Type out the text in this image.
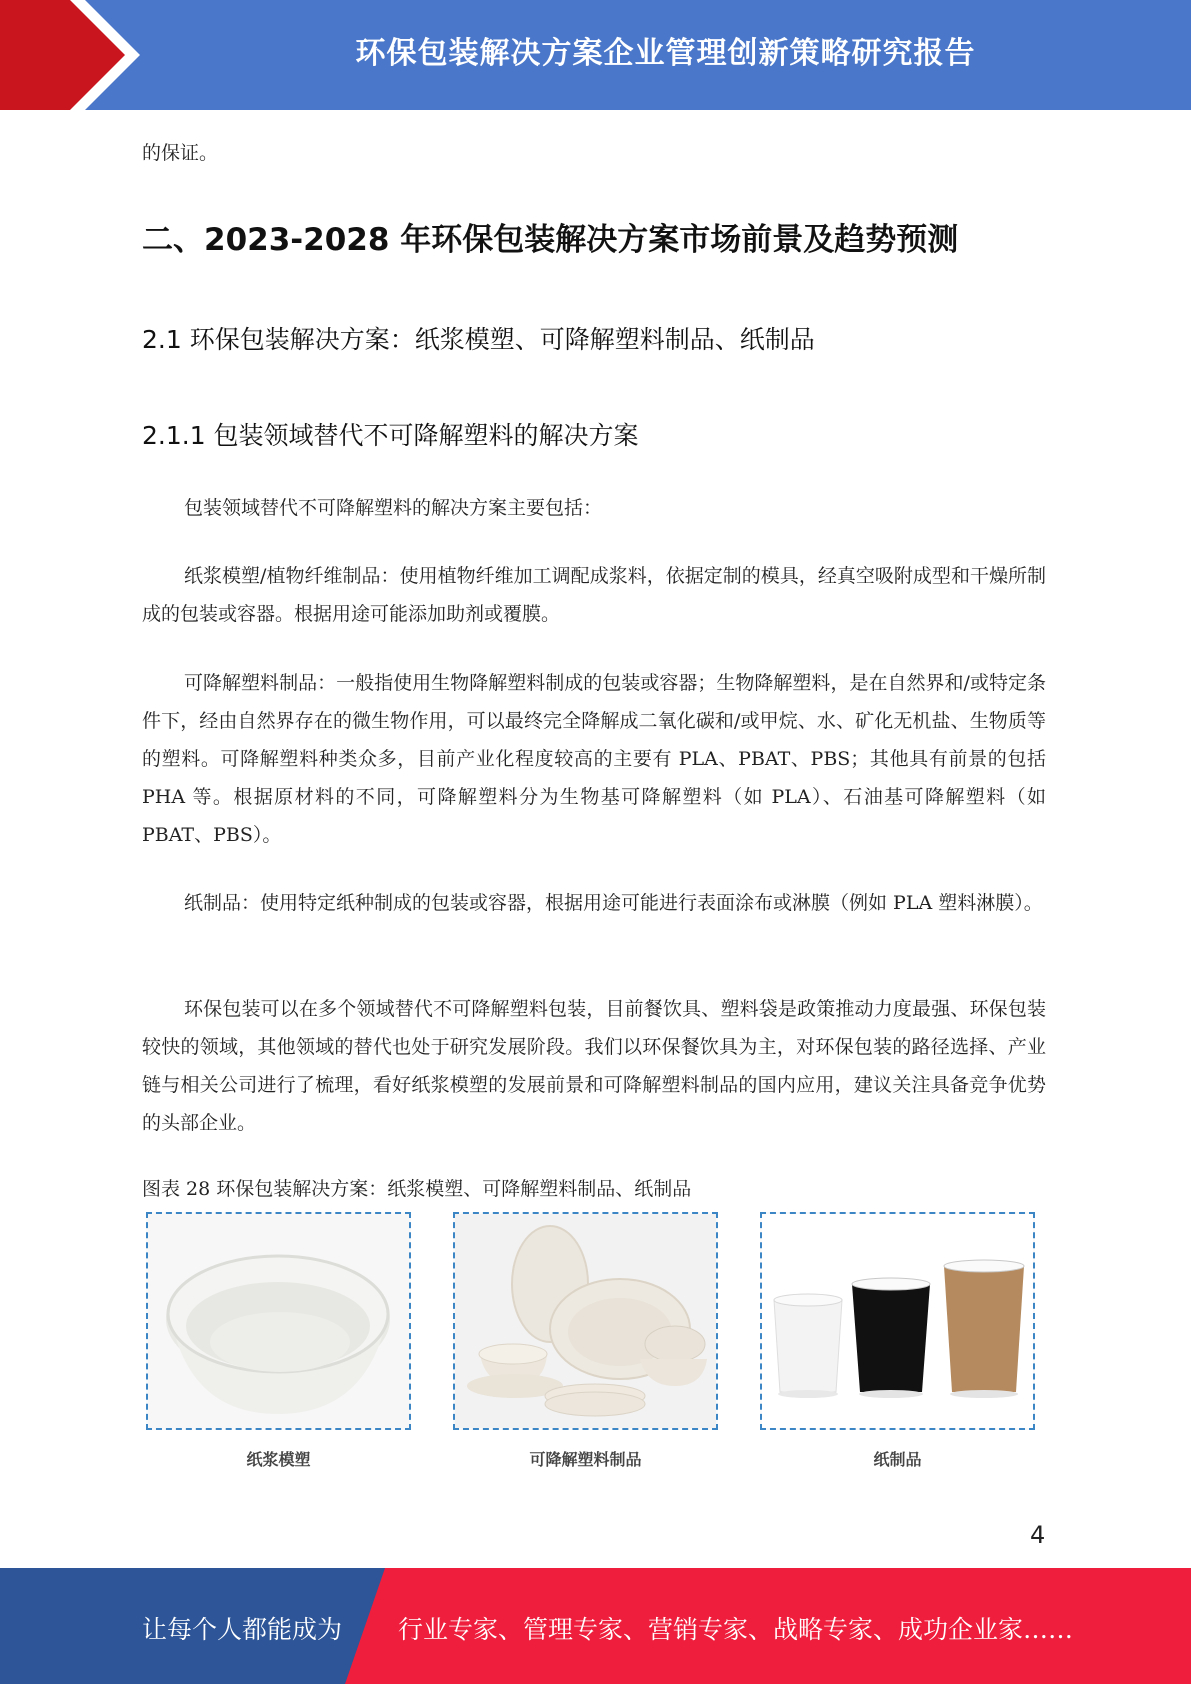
环保包装解决方案企业管理创新策略研究报告
的保证。
二、2023-2028 年环保包装解决方案市场前景及趋势预测
2.1 环保包装解决方案：纸浆模塑、可降解塑料制品、纸制品
2.1.1 包装领域替代不可降解塑料的解决方案
包装领域替代不可降解塑料的解决方案主要包括：
纸浆模塑/植物纤维制品：使用植物纤维加工调配成浆料，依据定制的模具，经真空吸附成型和干燥所制成的包装或容器。根据用途可能添加助剂或覆膜。
可降解塑料制品：一般指使用生物降解塑料制成的包装或容器；生物降解塑料，是在自然界和/或特定条件下，经由自然界存在的微生物作用，可以最终完全降解成二氧化碳和/或甲烷、水、矿化无机盐、生物质等的塑料。可降解塑料种类众多，目前产业化程度较高的主要有 PLA、PBAT、PBS；其他具有前景的包括 PHA 等。根据原材料的不同，可降解塑料分为生物基可降解塑料（如 PLA）、石油基可降解塑料（如 PBAT、PBS）。
纸制品：使用特定纸种制成的包装或容器，根据用途可能进行表面涂布或淋膜（例如 PLA 塑料淋膜）。
环保包装可以在多个领域替代不可降解塑料包装，目前餐饮具、塑料袋是政策推动力度最强、环保包装较快的领域，其他领域的替代也处于研究发展阶段。我们以环保餐饮具为主，对环保包装的路径选择、产业链与相关公司进行了梳理，看好纸浆模塑的发展前景和可降解塑料制品的国内应用，建议关注具备竞争优势的头部企业。
图表 28 环保包装解决方案：纸浆模塑、可降解塑料制品、纸制品
纸浆模塑	可降解塑料制品	纸制品
4
让每个人都能成为 行业专家、管理专家、营销专家、战略专家、成功企业家……
